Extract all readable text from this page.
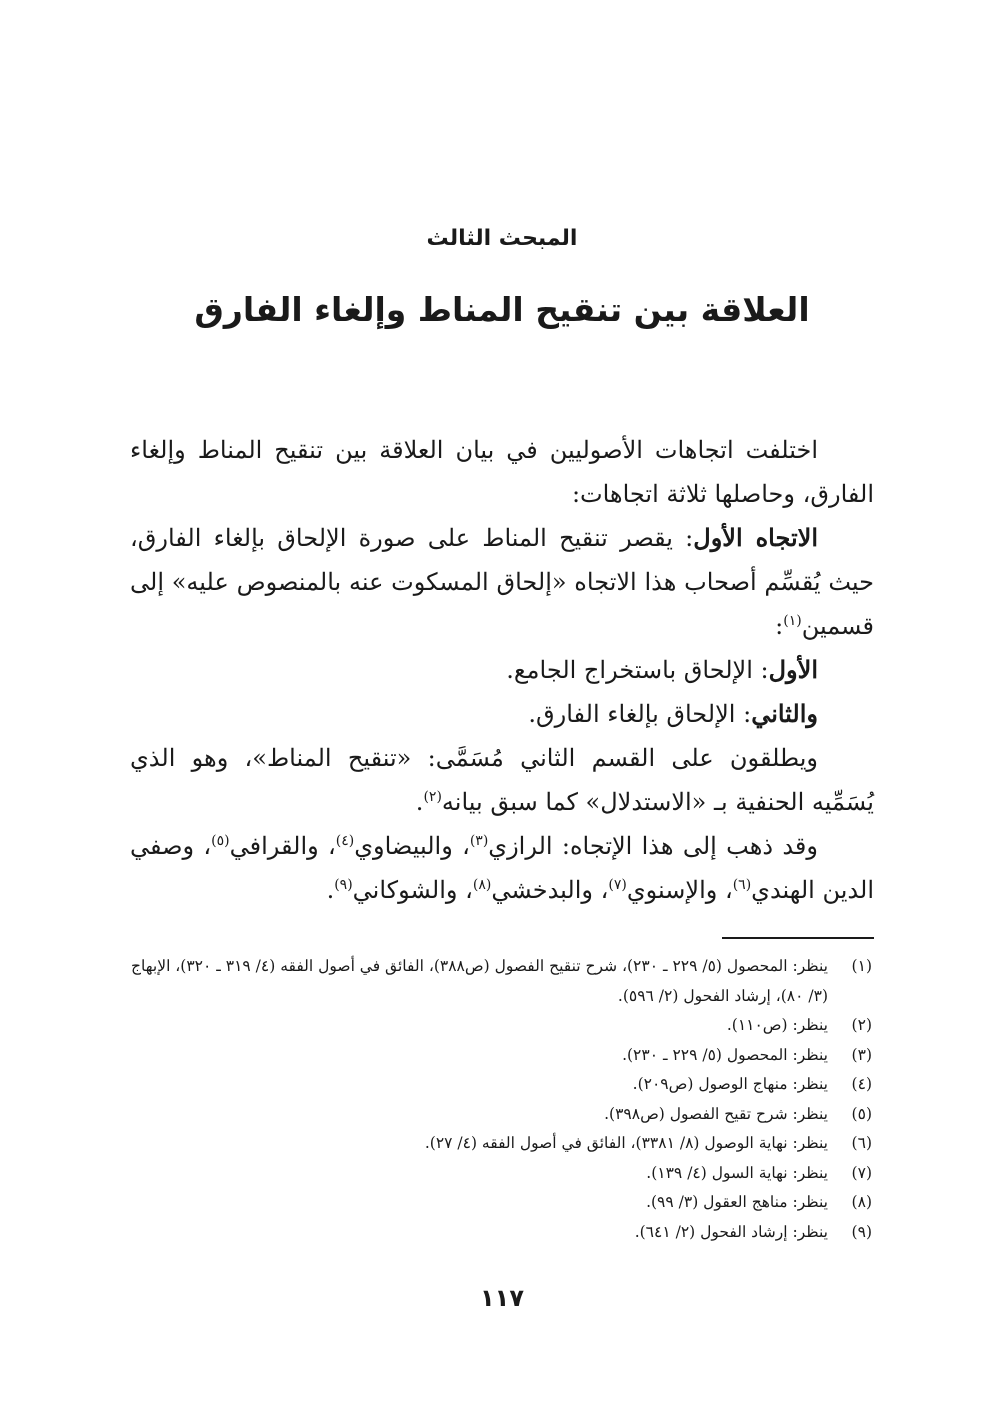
المبحث الثالث
العلاقة بين تنقيح المناط وإلغاء الفارق

اختلفت اتجاهات الأصوليين في بيان العلاقة بين تنقيح المناط وإلغاء الفارق، وحاصلها ثلاثة اتجاهات:

الاتجاه الأول: يقصر تنقيح المناط على صورة الإلحاق بإلغاء الفارق، حيث يُقسِّم أصحاب هذا الاتجاه «إلحاق المسكوت عنه بالمنصوص عليه» إلى قسمين$^{(١)}$:

الأول: الإلحاق باستخراج الجامع.

والثاني: الإلحاق بإلغاء الفارق.

ويطلقون على القسم الثاني مُسَمَّى: «تنقيح المناط»، وهو الذي يُسَمِّيه الحنفية بـ «الاستدلال» كما سبق بيانه$^{(٢)}$.

وقد ذهب إلى هذا الإتجاه: الرازي$^{(٣)}$، والبيضاوي$^{(٤)}$، والقرافي$^{(٥)}$، وصفي الدين الهندي$^{(٦)}$، والإسنوي$^{(٧)}$، والبدخشي$^{(٨)}$، والشوكاني$^{(٩)}$.

(١)
ينظر: المحصول (٥/ ٢٢٩ ـ ٢٣٠)، شرح تنقيح الفصول (ص٣٨٨)، الفائق في أصول الفقه (٤/ ٣١٩ ـ ٣٢٠)، الإبهاج (٣/ ٨٠)، إرشاد الفحول (٢/ ٥٩٦).
(٢)
ينظر: (ص١١٠).
(٣)
ينظر: المحصول (٥/ ٢٢٩ ـ ٢٣٠).
(٤)
ينظر: منهاج الوصول (ص٢٠٩).
(٥)
ينظر: شرح تقيح الفصول (ص٣٩٨).
(٦)
ينظر: نهاية الوصول (٨/ ٣٣٨١)، الفائق في أصول الفقه (٤/ ٢٧).
(٧)
ينظر: نهاية السول (٤/ ١٣٩).
(٨)
ينظر: مناهج العقول (٣/ ٩٩).
(٩)
ينظر: إرشاد الفحول (٢/ ٦٤١).
١١٧
